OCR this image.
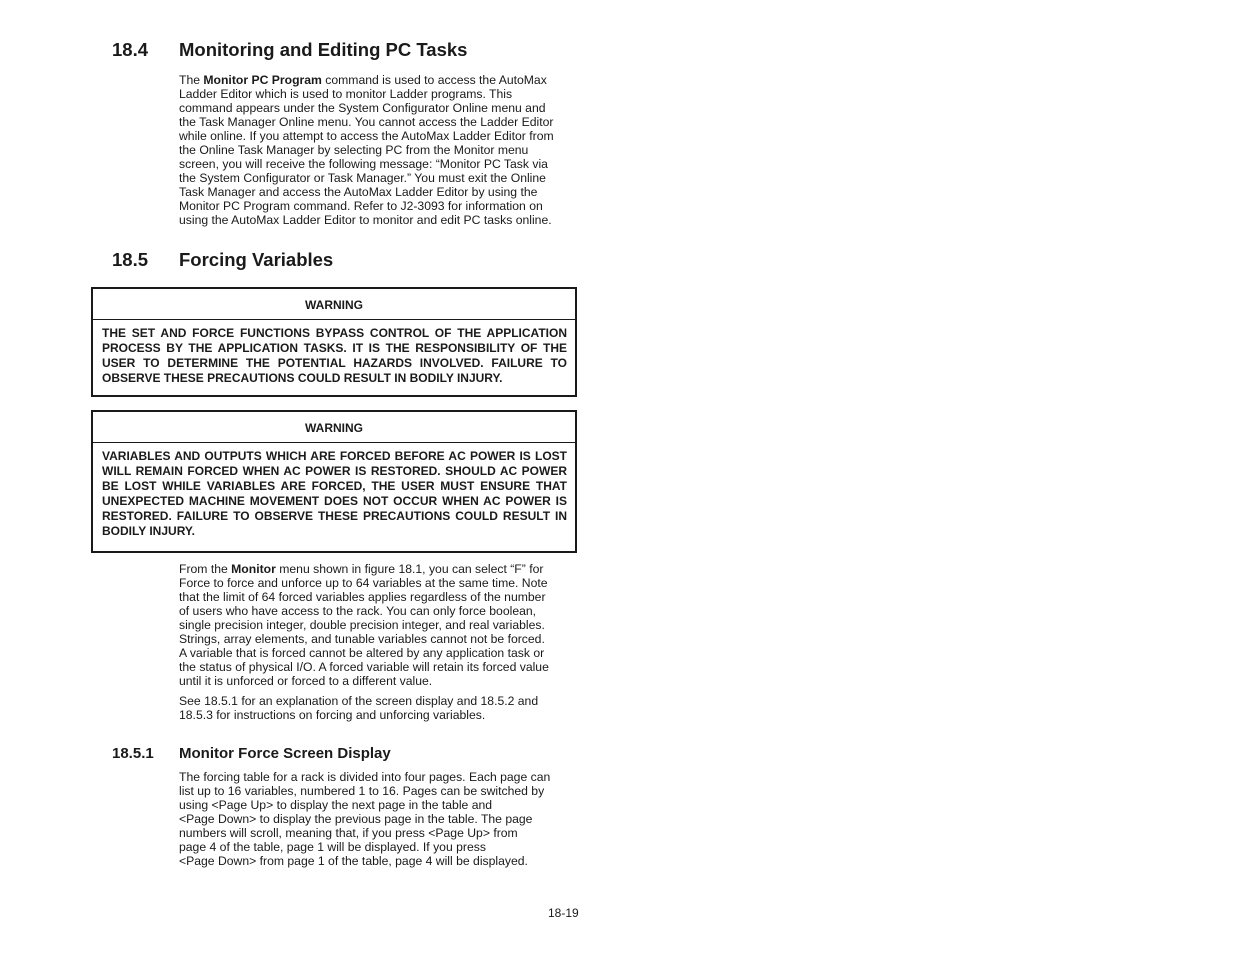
18.4 Monitoring and Editing PC Tasks
The Monitor PC Program command is used to access the AutoMax
Ladder Editor which is used to monitor Ladder programs. This
command appears under the System Configurator Online menu and
the Task Manager Online menu. You cannot access the Ladder Editor
while online. If you attempt to access the AutoMax Ladder Editor from
the Online Task Manager by selecting PC from the Monitor menu
screen, you will receive the following message: “Monitor PC Task via
the System Configurator or Task Manager.” You must exit the Online
Task Manager and access the AutoMax Ladder Editor by using the
Monitor PC Program command. Refer to J2-3093 for information on
using the AutoMax Ladder Editor to monitor and edit PC tasks online.
18.5 Forcing Variables
WARNING
THE SET AND FORCE FUNCTIONS BYPASS CONTROL OF THE APPLICATION
PROCESS BY THE APPLICATION TASKS. IT IS THE RESPONSIBILITY OF THE
USER TO DETERMINE THE POTENTIAL HAZARDS INVOLVED. FAILURE TO
OBSERVE THESE PRECAUTIONS COULD RESULT IN BODILY INJURY.
WARNING
VARIABLES AND OUTPUTS WHICH ARE FORCED BEFORE AC POWER IS LOST
WILL REMAIN FORCED WHEN AC POWER IS RESTORED. SHOULD AC POWER
BE LOST WHILE VARIABLES ARE FORCED, THE USER MUST ENSURE THAT
UNEXPECTED MACHINE MOVEMENT DOES NOT OCCUR WHEN AC POWER IS
RESTORED. FAILURE TO OBSERVE THESE PRECAUTIONS COULD RESULT IN
BODILY INJURY.
From the Monitor menu shown in figure 18.1, you can select “F” for
Force to force and unforce up to 64 variables at the same time. Note
that the limit of 64 forced variables applies regardless of the number
of users who have access to the rack. You can only force boolean,
single precision integer, double precision integer, and real variables.
Strings, array elements, and tunable variables cannot not be forced.
A variable that is forced cannot be altered by any application task or
the status of physical I/O. A forced variable will retain its forced value
until it is unforced or forced to a different value.
See 18.5.1 for an explanation of the screen display and 18.5.2 and
18.5.3 for instructions on forcing and unforcing variables.
18.5.1 Monitor Force Screen Display
The forcing table for a rack is divided into four pages. Each page can
list up to 16 variables, numbered 1 to 16. Pages can be switched by
using <Page Up> to display the next page in the table and
<Page Down> to display the previous page in the table. The page
numbers will scroll, meaning that, if you press <Page Up> from
page 4 of the table, page 1 will be displayed. If you press
<Page Down> from page 1 of the table, page 4 will be displayed.
18-19
